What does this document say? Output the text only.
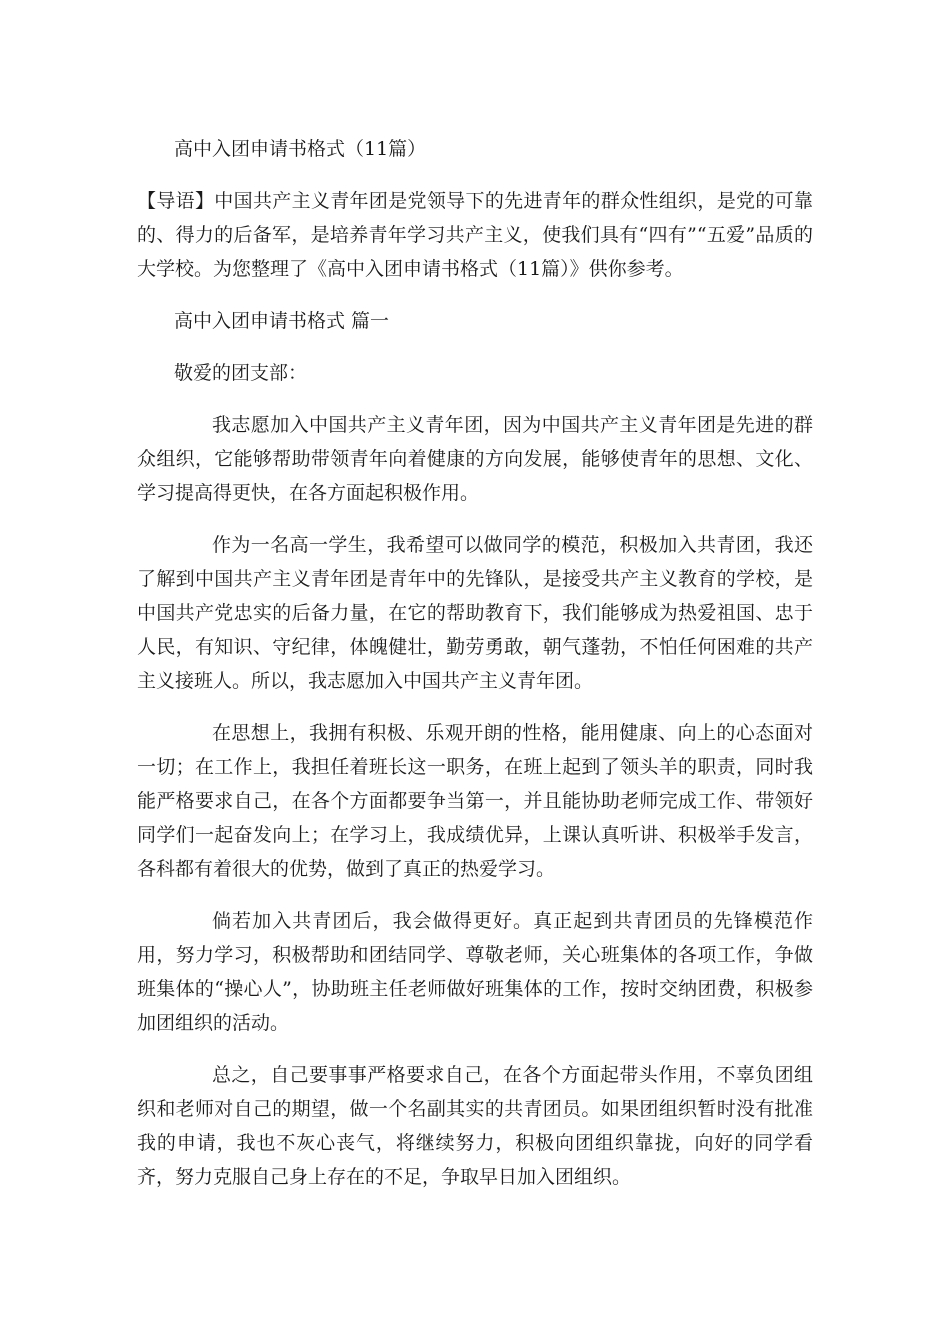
高中入团申请书格式（11篇）

【导语】中国共产主义青年团是党领导下的先进青年的群众性组织，是党的可靠的、得力的后备军，是培养青年学习共产主义，使我们具有“四有”“五爱”品质的大学校。为您整理了《高中入团申请书格式（11篇）》供你参考。

高中入团申请书格式 篇一

敬爱的团支部：

我志愿加入中国共产主义青年团，因为中国共产主义青年团是先进的群众组织，它能够帮助带领青年向着健康的方向发展，能够使青年的思想、文化、学习提高得更快，在各方面起积极作用。

作为一名高一学生，我希望可以做同学的模范，积极加入共青团，我还了解到中国共产主义青年团是青年中的先锋队，是接受共产主义教育的学校，是中国共产党忠实的后备力量，在它的帮助教育下，我们能够成为热爱祖国、忠于人民，有知识、守纪律，体魄健壮，勤劳勇敢，朝气蓬勃，不怕任何困难的共产主义接班人。所以，我志愿加入中国共产主义青年团。

在思想上，我拥有积极、乐观开朗的性格，能用健康、向上的心态面对一切；在工作上，我担任着班长这一职务，在班上起到了领头羊的职责，同时我能严格要求自己，在各个方面都要争当第一，并且能协助老师完成工作、带领好同学们一起奋发向上；在学习上，我成绩优异，上课认真听讲、积极举手发言，各科都有着很大的优势，做到了真正的热爱学习。

倘若加入共青团后，我会做得更好。真正起到共青团员的先锋模范作用，努力学习，积极帮助和团结同学、尊敬老师，关心班集体的各项工作，争做班集体的“操心人”，协助班主任老师做好班集体的工作，按时交纳团费，积极参加团组织的活动。

总之，自己要事事严格要求自己，在各个方面起带头作用，不辜负团组织和老师对自己的期望，做一个名副其实的共青团员。如果团组织暂时没有批准我的申请，我也不灰心丧气，将继续努力，积极向团组织靠拢，向好的同学看齐，努力克服自己身上存在的不足，争取早日加入团组织。
